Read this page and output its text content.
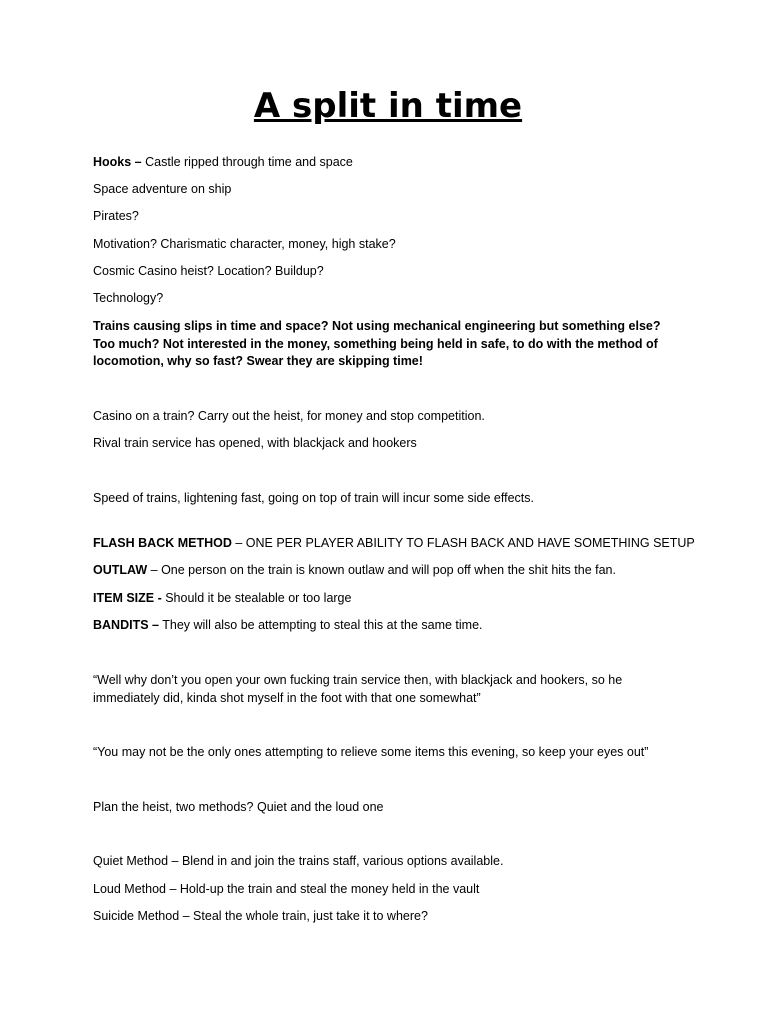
A split in time

Hooks – Castle ripped through time and space

Space adventure on ship

Pirates?

Motivation? Charismatic character, money, high stake?

Cosmic Casino heist? Location? Buildup?

Technology?

Trains causing slips in time and space? Not using mechanical engineering but something else? Too much? Not interested in the money, something being held in safe, to do with the method of locomotion, why so fast? Swear they are skipping time!

Casino on a train? Carry out the heist, for money and stop competition.

Rival train service has opened, with blackjack and hookers

Speed of trains, lightening fast, going on top of train will incur some side effects.

FLASH BACK METHOD – ONE PER PLAYER ABILITY TO FLASH BACK AND HAVE SOMETHING SETUP

OUTLAW – One person on the train is known outlaw and will pop off when the shit hits the fan.

ITEM SIZE - Should it be stealable or too large

BANDITS – They will also be attempting to steal this at the same time.

“Well why don’t you open your own fucking train service then, with blackjack and hookers, so he immediately did, kinda shot myself in the foot with that one somewhat”

“You may not be the only ones attempting to relieve some items this evening, so keep your eyes out”

Plan the heist, two methods? Quiet and the loud one

Quiet Method – Blend in and join the trains staff, various options available.

Loud Method – Hold-up the train and steal the money held in the vault

Suicide Method – Steal the whole train, just take it to where?
